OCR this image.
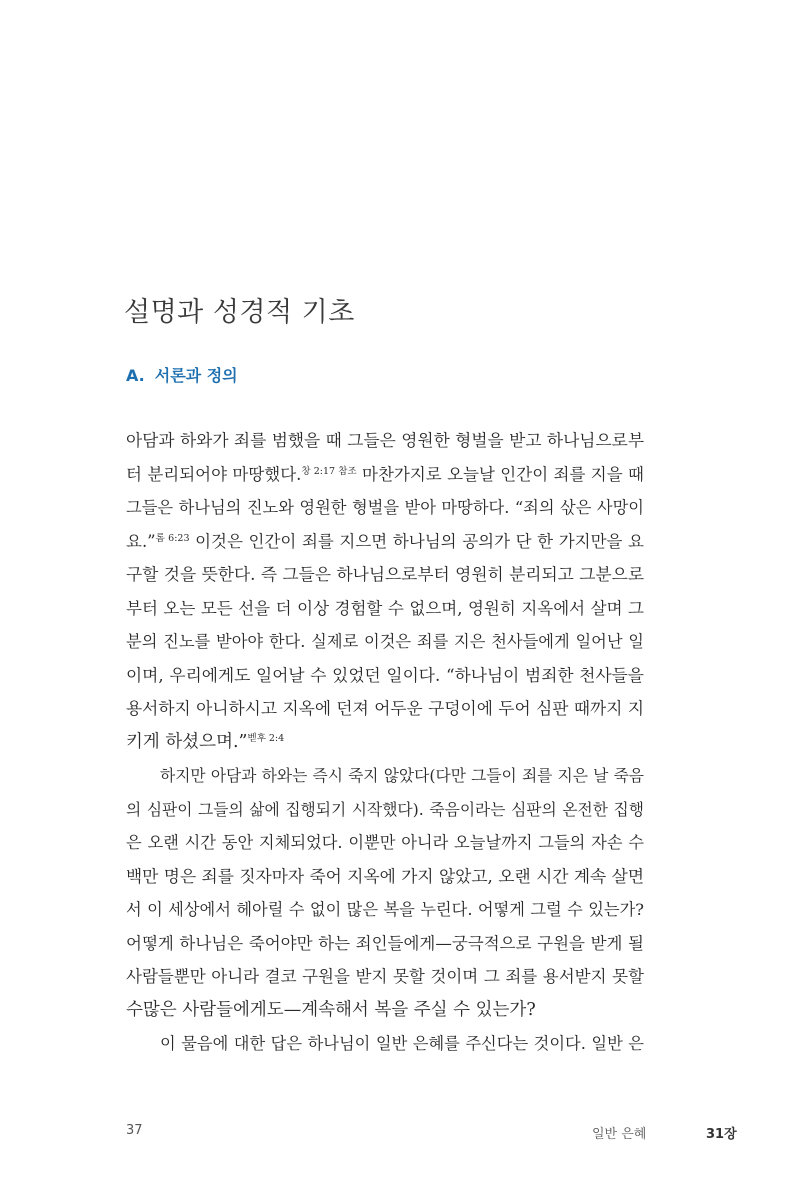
설명과 성경적 기초
A. 서론과 정의
아담과 하와가 죄를 범했을 때 그들은 영원한 형벌을 받고 하나님으로부
터 분리되어야 마땅했다.$^{창 2:17 참조}$ 마찬가지로 오늘날 인간이 죄를 지을 때
그들은 하나님의 진노와 영원한 형벌을 받아 마땅하다. “죄의 삯은 사망이
요.”$^{롬 6:23}$ 이것은 인간이 죄를 지으면 하나님의 공의가 단 한 가지만을 요
구할 것을 뜻한다. 즉 그들은 하나님으로부터 영원히 분리되고 그분으로
부터 오는 모든 선을 더 이상 경험할 수 없으며, 영원히 지옥에서 살며 그
분의 진노를 받아야 한다. 실제로 이것은 죄를 지은 천사들에게 일어난 일
이며, 우리에게도 일어날 수 있었던 일이다. “하나님이 범죄한 천사들을
용서하지 아니하시고 지옥에 던져 어두운 구덩이에 두어 심판 때까지 지
키게 하셨으며.”$^{벧후 2:4}$
하지만 아담과 하와는 즉시 죽지 않았다(다만 그들이 죄를 지은 날 죽음
의 심판이 그들의 삶에 집행되기 시작했다). 죽음이라는 심판의 온전한 집행
은 오랜 시간 동안 지체되었다. 이뿐만 아니라 오늘날까지 그들의 자손 수
백만 명은 죄를 짓자마자 죽어 지옥에 가지 않았고, 오랜 시간 계속 살면
서 이 세상에서 헤아릴 수 없이 많은 복을 누린다. 어떻게 그럴 수 있는가?
어떻게 하나님은 죽어야만 하는 죄인들에게—궁극적으로 구원을 받게 될
사람들뿐만 아니라 결코 구원을 받지 못할 것이며 그 죄를 용서받지 못할
수많은 사람들에게도—계속해서 복을 주실 수 있는가?
이 물음에 대한 답은 하나님이 일반 은혜를 주신다는 것이다. 일반 은
37	일반 은혜	31장
